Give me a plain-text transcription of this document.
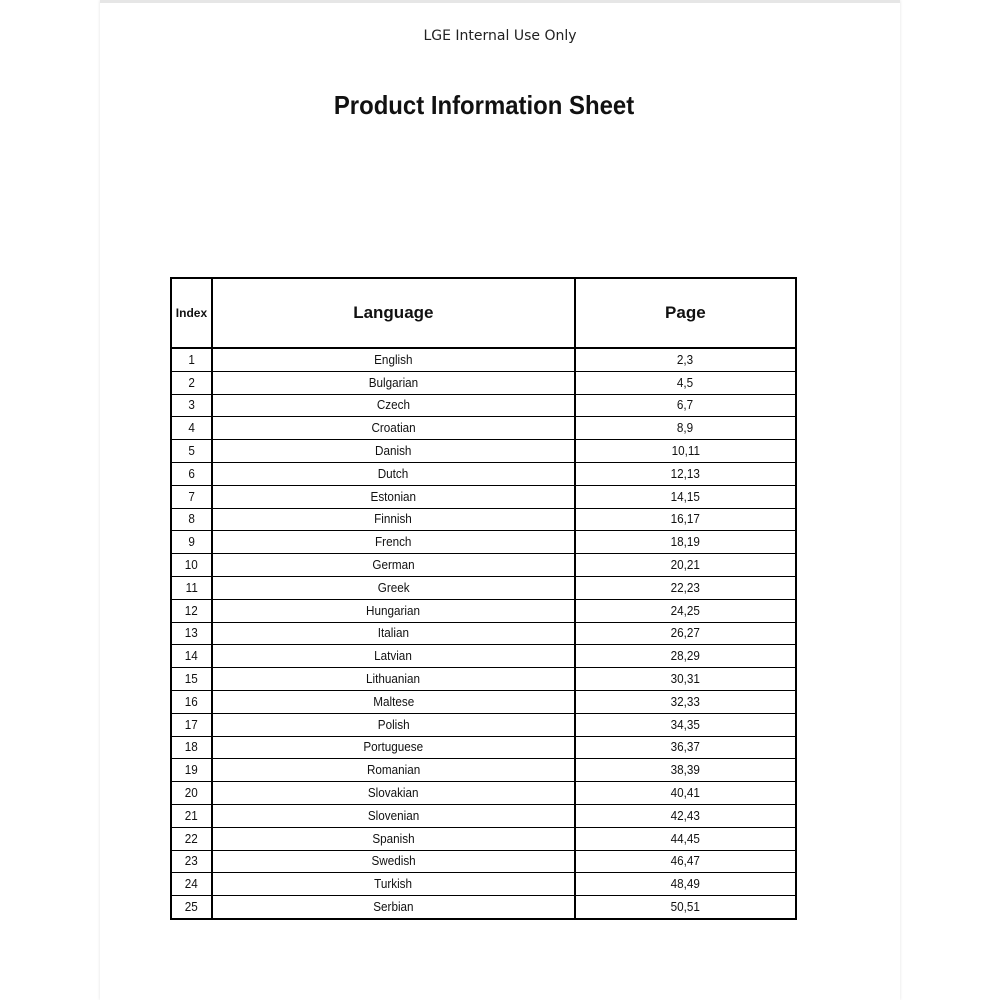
LGE Internal Use Only
Product Information Sheet
Index	Language	Page
1	English	2,3
2	Bulgarian	4,5
3	Czech	6,7
4	Croatian	8,9
5	Danish	10,11
6	Dutch	12,13
7	Estonian	14,15
8	Finnish	16,17
9	French	18,19
10	German	20,21
11	Greek	22,23
12	Hungarian	24,25
13	Italian	26,27
14	Latvian	28,29
15	Lithuanian	30,31
16	Maltese	32,33
17	Polish	34,35
18	Portuguese	36,37
19	Romanian	38,39
20	Slovakian	40,41
21	Slovenian	42,43
22	Spanish	44,45
23	Swedish	46,47
24	Turkish	48,49
25	Serbian	50,51
